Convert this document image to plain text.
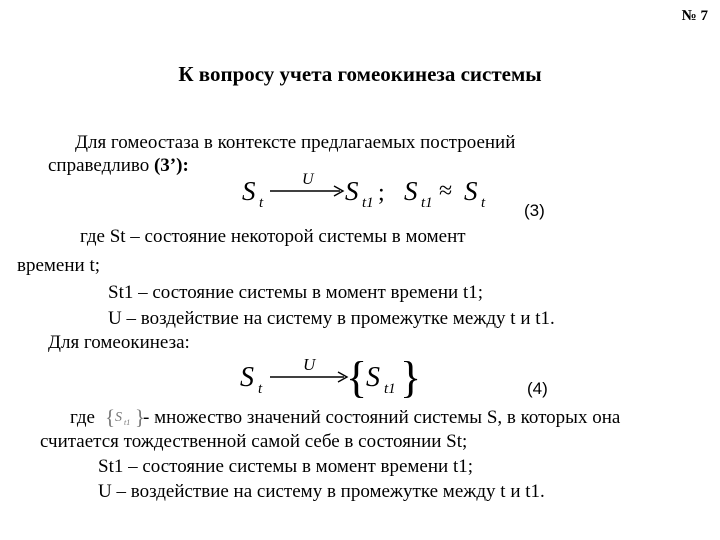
№ 7
К вопросу учета гомеокинеза системы
Для гомеостаза в контексте предлагаемых построений
справедливо (3’):
S t
U S t1 ; S t1 ≈ S t (3)
где St – состояние некоторой системы в момент
времени t;
St1 – состояние системы в момент времени t1;
U – воздействие на систему в промежутке между t и t1.
Для гомеокинеза:
S t
U {
S t1 }	(4)
где { S t1 }
- множество значений состояний системы S, в которых она
считается тождественной самой себе в состоянии St;
St1 – состояние системы в момент времени t1;
U – воздействие на систему в промежутке между t и t1.
